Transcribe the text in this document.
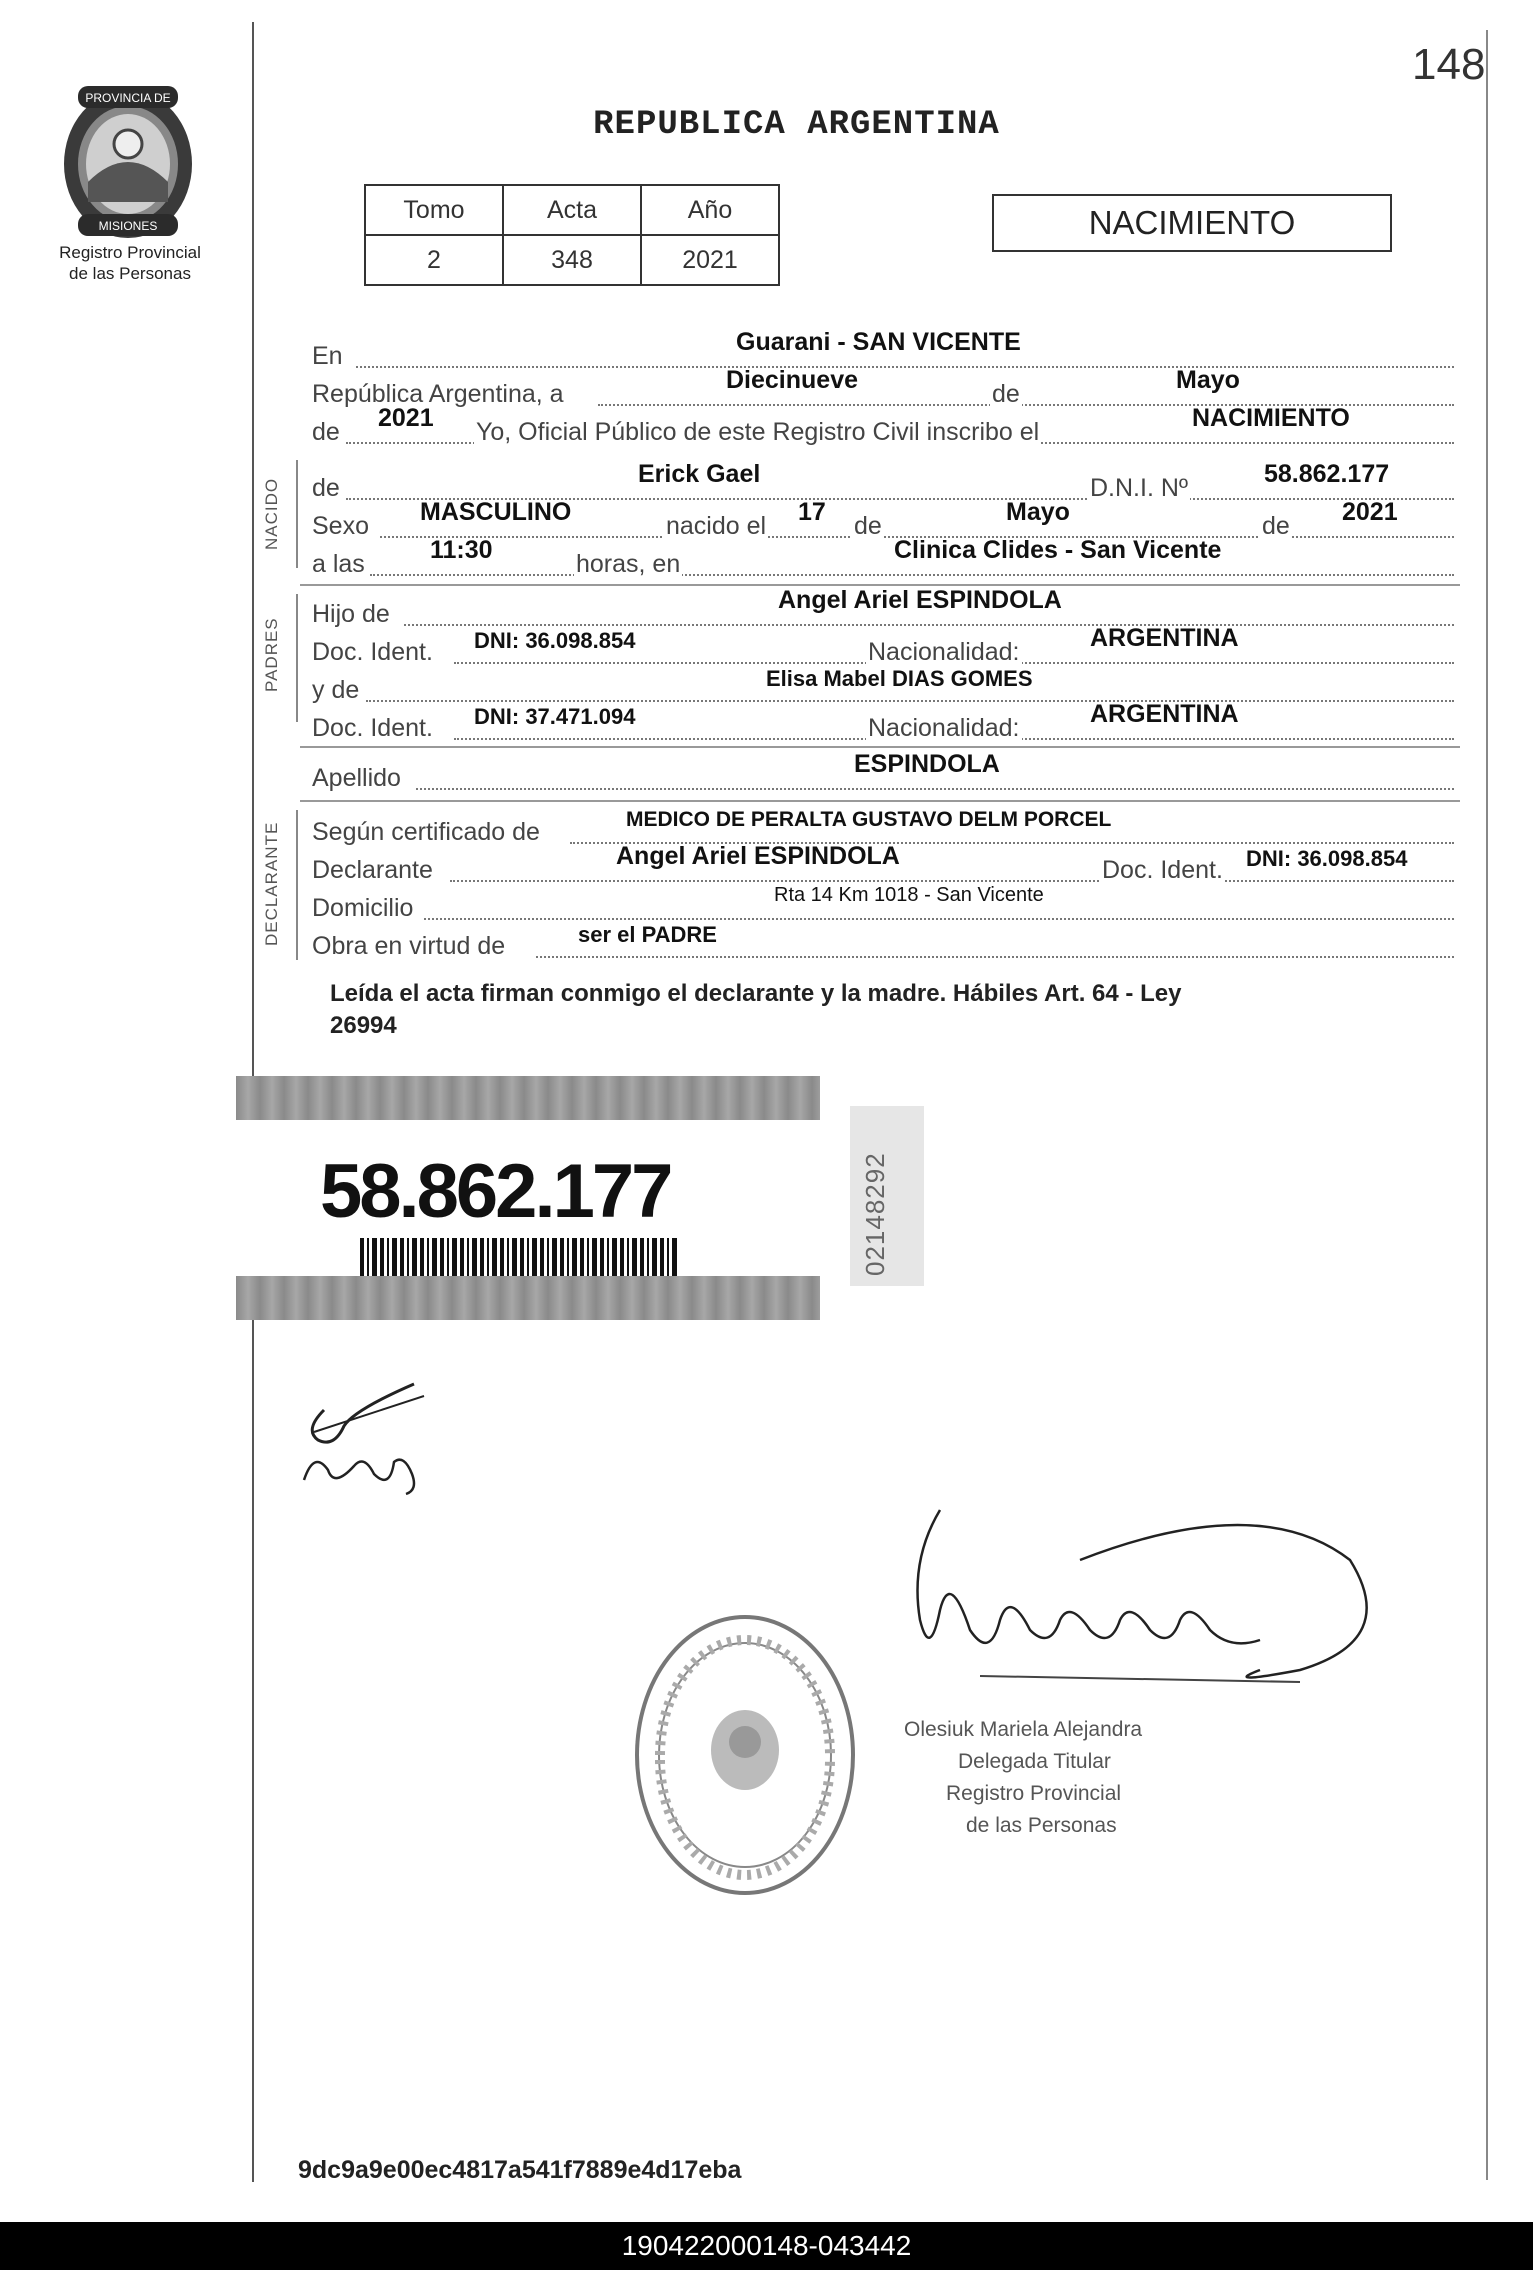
148
PROVINCIA DE
MISIONES
Registro Provincial
de las Personas
REPUBLICA ARGENTINA
Tomo	Acta	Año
2	348	2021
NACIMIENTO
En	Guarani - SAN VICENTE
República Argentina, a	Diecinueve	de	Mayo
de 2021 Yo, Oficial Público de este Registro Civil inscribo el	NACIMIENTO
NACIDO de	Erick Gael	D.N.I. Nº	58.862.177
Sexo MASCULINO	nacido el 17 de	Mayo	de 2021
a las	11:30	horas, en	Clinica Clides - San Vicente
PADRES
Hijo de	Angel Ariel ESPINDOLA
Doc. Ident. DNI: 36.098.854	Nacionalidad:	ARGENTINA
y de	Elisa Mabel DIAS GOMES
Doc. Ident. DNI: 37.471.094	Nacionalidad:	ARGENTINA
Apellido	ESPINDOLA
DECLARANTE Según certificado de	MEDICO DE PERALTA GUSTAVO DELM PORCEL
Declarante	Angel Ariel ESPINDOLA	Doc. Ident. DNI: 36.098.854
Domicilio	Rta 14 Km 1018 - San Vicente
Obra en virtud de	ser el PADRE
Leída el acta firman conmigo el declarante y la madre. Hábiles Art. 64 - Ley
26994
58.862.177	02148292
Olesiuk Mariela Alejandra
Delegada Titular
Registro Provincial
de las Personas
9dc9a9e00ec4817a541f7889e4d17eba
190422000148-043442
